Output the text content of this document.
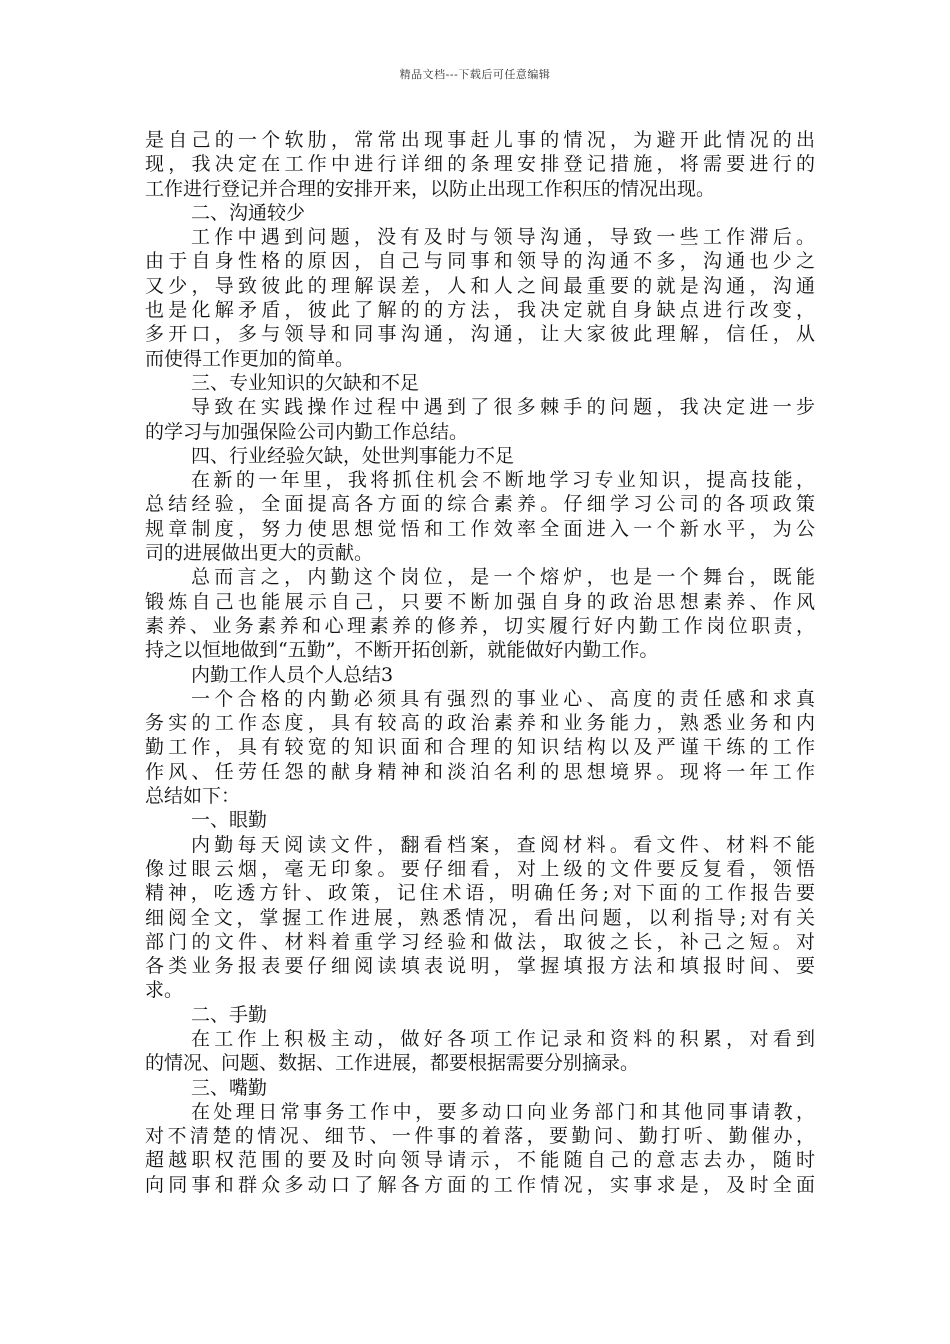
精品文档---下载后可任意编辑
是自己的一个软肋，常常出现事赶儿事的情况，为避开此情况的出
现，我决定在工作中进行详细的条理安排登记措施，将需要进行的
工作进行登记并合理的安排开来，以防止出现工作积压的情况出现。
二、沟通较少
工作中遇到问题，没有及时与领导沟通，导致一些工作滞后。
由于自身性格的原因，自己与同事和领导的沟通不多，沟通也少之
又少，导致彼此的理解误差，人和人之间最重要的就是沟通，沟通
也是化解矛盾，彼此了解的的方法，我决定就自身缺点进行改变，
多开口，多与领导和同事沟通，沟通，让大家彼此理解，信任，从
而使得工作更加的简单。
三、专业知识的欠缺和不足
导致在实践操作过程中遇到了很多棘手的问题，我决定进一步
的学习与加强保险公司内勤工作总结。
四、行业经验欠缺，处世判事能力不足
在新的一年里，我将抓住机会不断地学习专业知识，提高技能，
总结经验，全面提高各方面的综合素养。仔细学习公司的各项政策
规章制度，努力使思想觉悟和工作效率全面进入一个新水平，为公
司的进展做出更大的贡献。
总而言之，内勤这个岗位，是一个熔炉，也是一个舞台，既能
锻炼自己也能展示自己，只要不断加强自身的政治思想素养、作风
素养、业务素养和心理素养的修养，切实履行好内勤工作岗位职责，
持之以恒地做到“五勤”，不断开拓创新，就能做好内勤工作。
内勤工作人员个人总结3
一个合格的内勤必须具有强烈的事业心、高度的责任感和求真
务实的工作态度，具有较高的政治素养和业务能力，熟悉业务和内
勤工作，具有较宽的知识面和合理的知识结构以及严谨干练的工作
作风、任劳任怨的献身精神和淡泊名利的思想境界。现将一年工作
总结如下：
一、眼勤
内勤每天阅读文件，翻看档案，查阅材料。看文件、材料不能
像过眼云烟，毫无印象。要仔细看，对上级的文件要反复看，领悟
精神，吃透方针、政策，记住术语，明确任务;对下面的工作报告要
细阅全文，掌握工作进展，熟悉情况，看出问题，以利指导;对有关
部门的文件、材料着重学习经验和做法，取彼之长，补己之短。对
各类业务报表要仔细阅读填表说明，掌握填报方法和填报时间、要
求。
二、手勤
在工作上积极主动，做好各项工作记录和资料的积累，对看到
的情况、问题、数据、工作进展，都要根据需要分别摘录。
三、嘴勤
在处理日常事务工作中，要多动口向业务部门和其他同事请教，
对不清楚的情况、细节、一件事的着落，要勤问、勤打听、勤催办，
超越职权范围的要及时向领导请示，不能随自己的意志去办，随时
向同事和群众多动口了解各方面的工作情况，实事求是，及时全面
